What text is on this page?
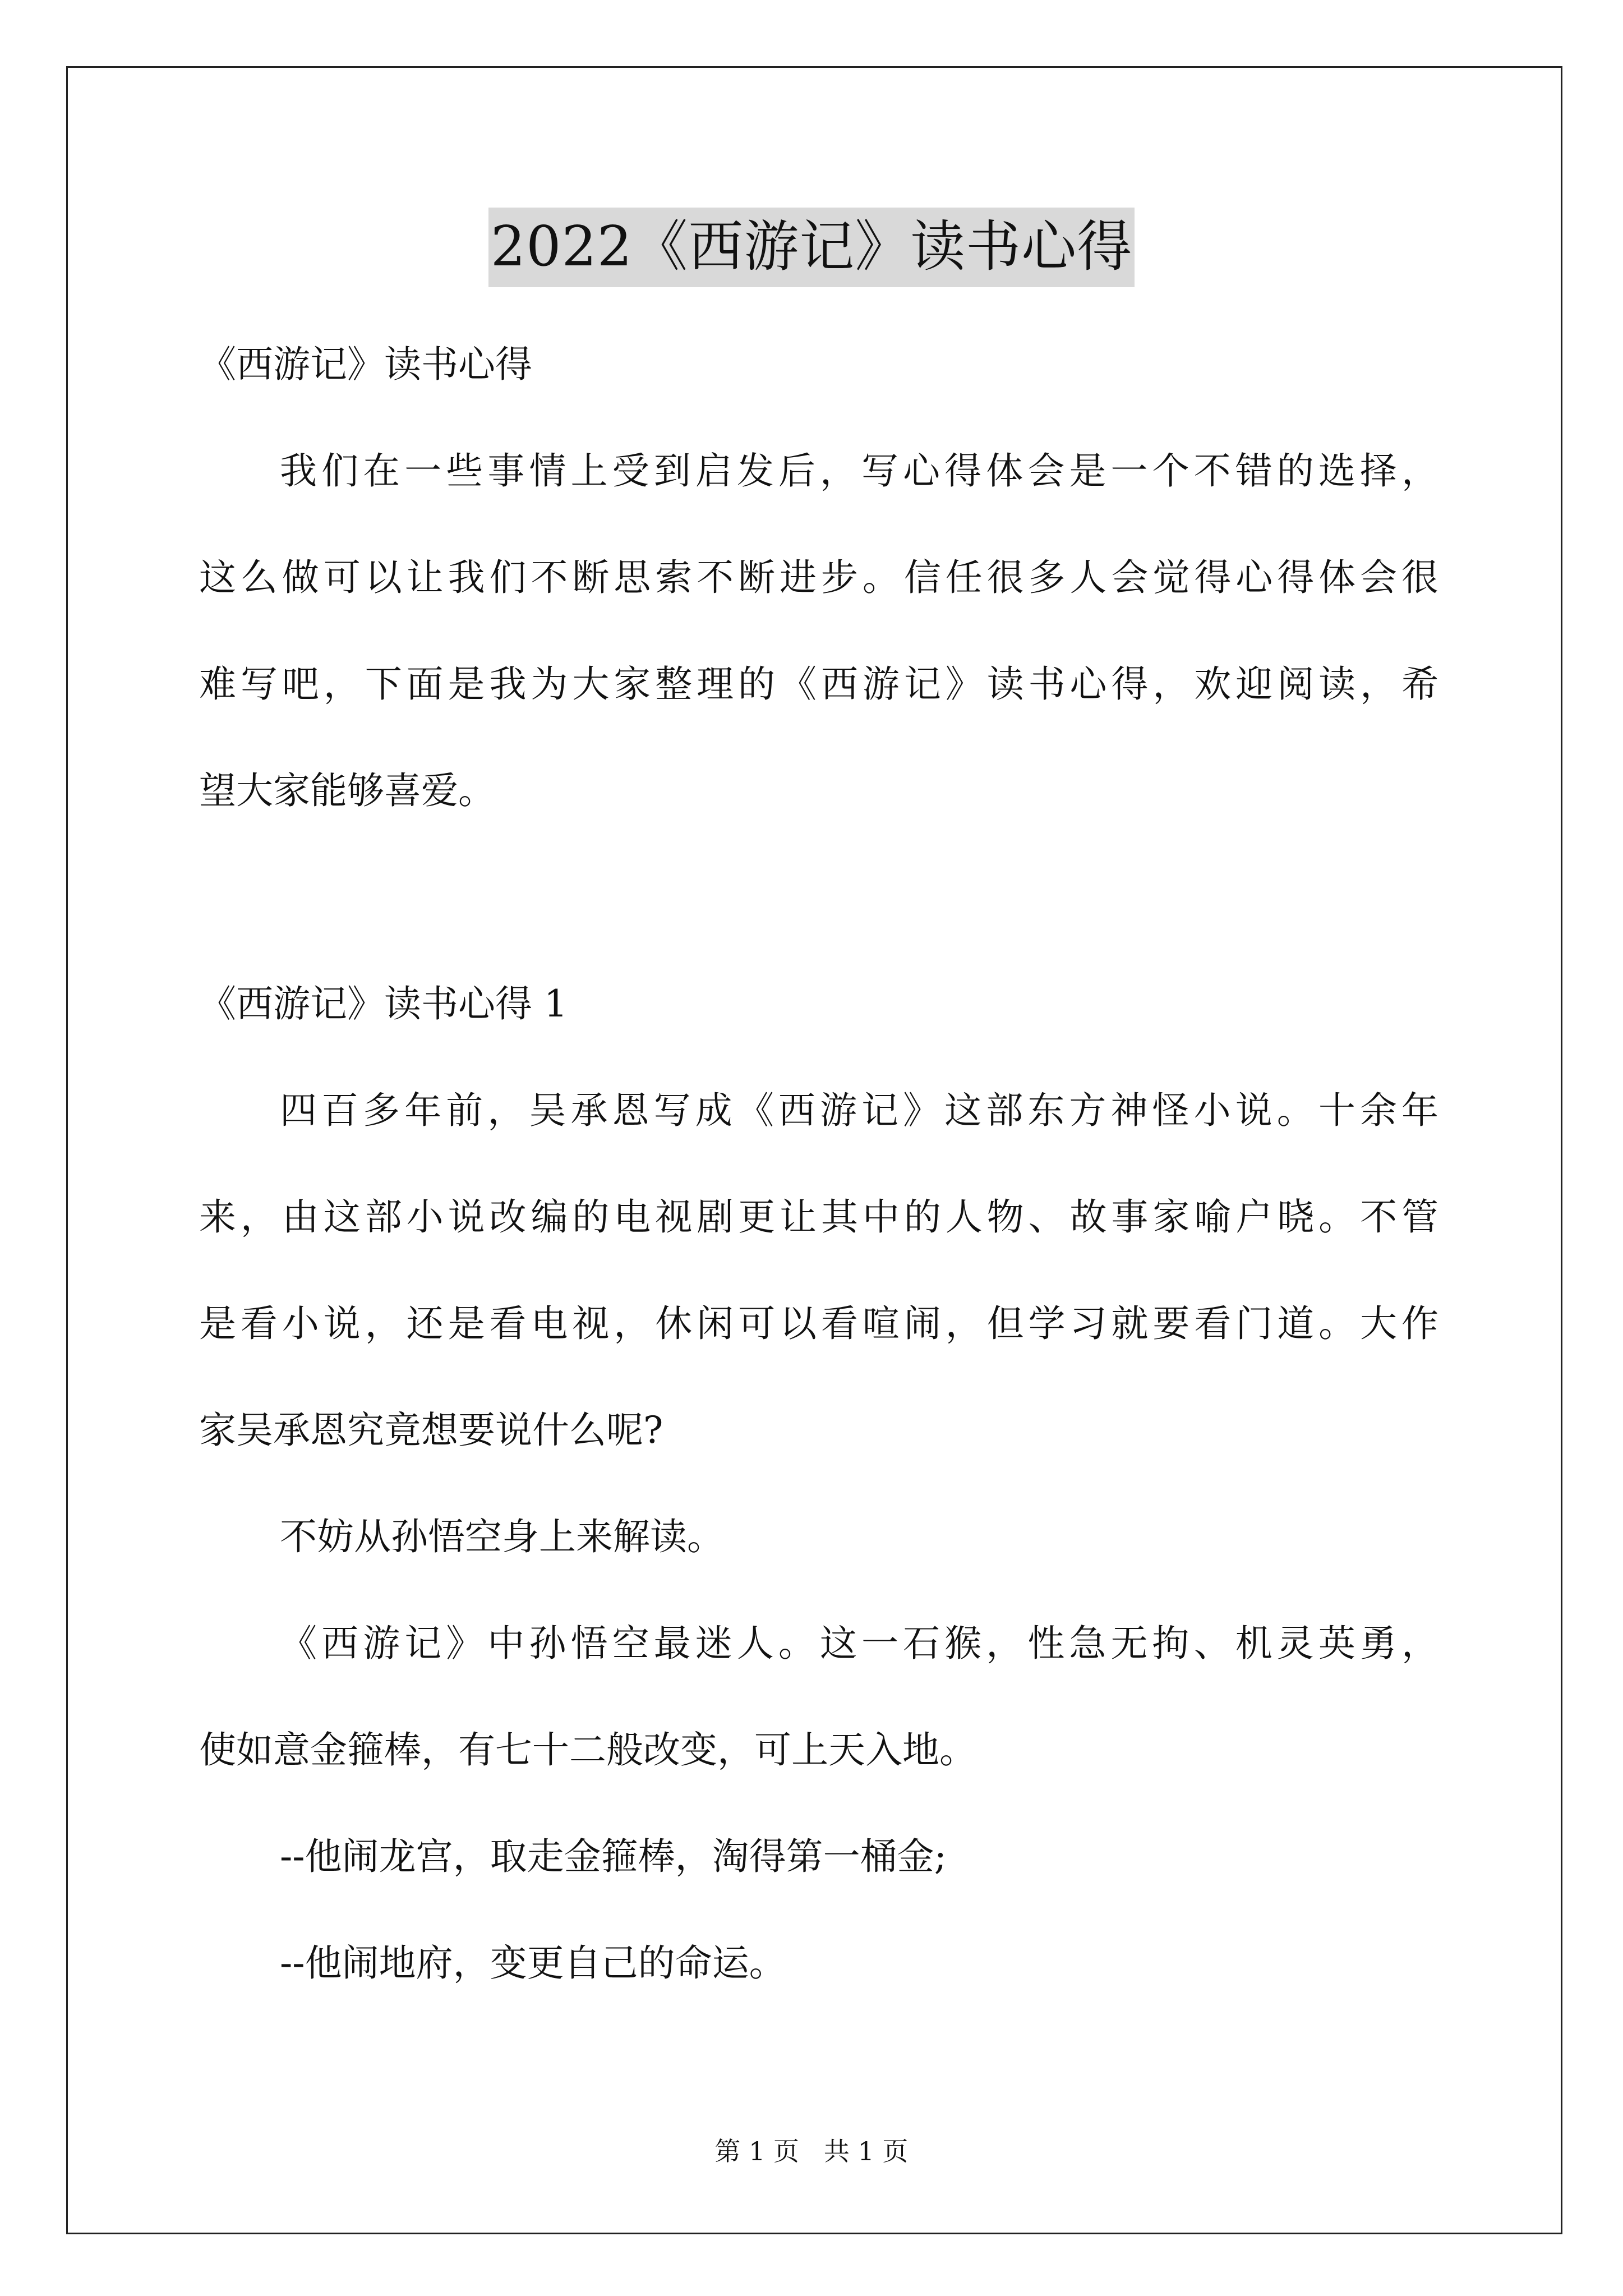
2022《西游记》读书心得
《西游记》读书心得
我们在一些事情上受到启发后，写心得体会是一个不错的选择，
这么做可以让我们不断思索不断进步。信任很多人会觉得心得体会很
难写吧，下面是我为大家整理的《西游记》读书心得，欢迎阅读，希
望大家能够喜爱。
《西游记》读书心得 1
四百多年前，吴承恩写成《西游记》这部东方神怪小说。十余年
来，由这部小说改编的电视剧更让其中的人物、故事家喻户晓。不管
是看小说，还是看电视，休闲可以看喧闹，但学习就要看门道。大作
家吴承恩究竟想要说什么呢?
不妨从孙悟空身上来解读。
《西游记》中孙悟空最迷人。这一石猴，性急无拘、机灵英勇，
使如意金箍棒，有七十二般改变，可上天入地。
--他闹龙宫，取走金箍棒，淘得第一桶金;
--他闹地府，变更自己的命运。
第 1 页   共 1 页
